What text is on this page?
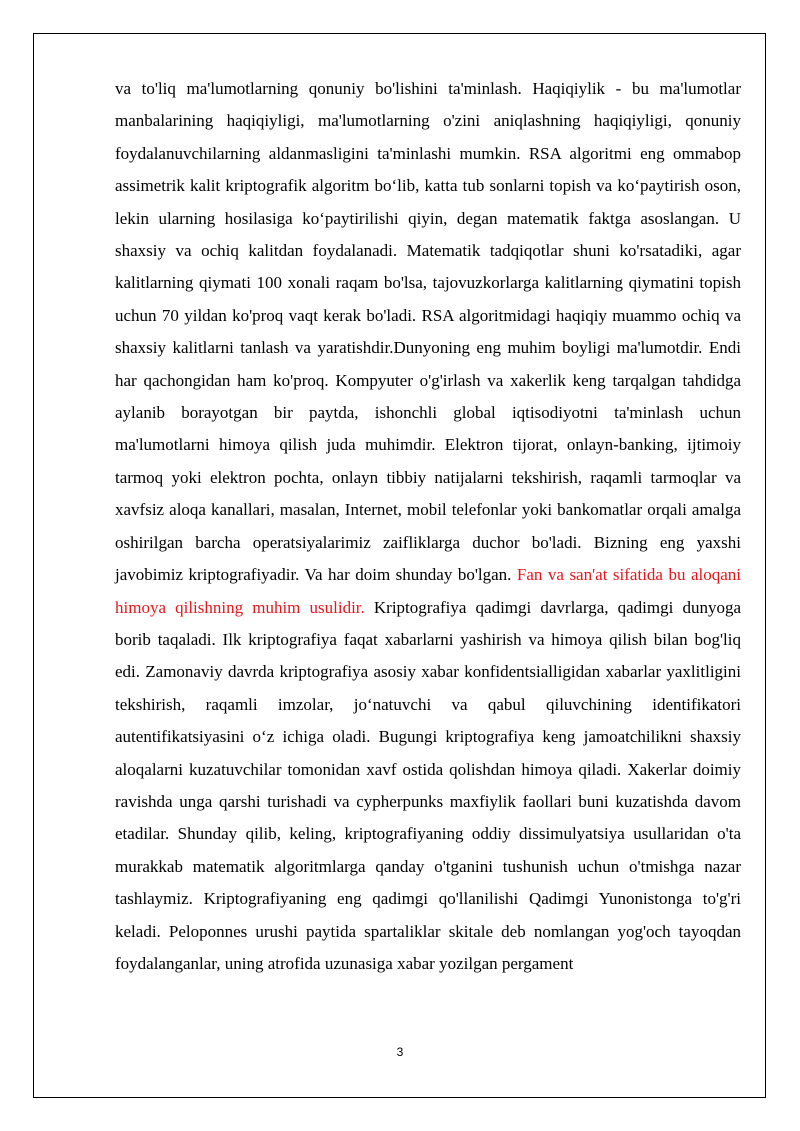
va to'liq ma'lumotlarning qonuniy bo'lishini ta'minlash. Haqiqiylik - bu ma'lumotlar manbalarining haqiqiyligi, ma'lumotlarning o'zini aniqlashning haqiqiyligi, qonuniy foydalanuvchilarning aldanmasligini ta'minlashi mumkin. RSA algoritmi eng ommabop assimetrik kalit kriptografik algoritm bo‘lib, katta tub sonlarni topish va ko‘paytirish oson, lekin ularning hosilasiga ko‘paytirilishi qiyin, degan matematik faktga asoslangan. U shaxsiy va ochiq kalitdan foydalanadi. Matematik tadqiqotlar shuni ko'rsatadiki, agar kalitlarning qiymati 100 xonali raqam bo'lsa, tajovuzkorlarga kalitlarning qiymatini topish uchun 70 yildan ko'proq vaqt kerak bo'ladi. RSA algoritmidagi haqiqiy muammo ochiq va shaxsiy kalitlarni tanlash va yaratishdir.Dunyoning eng muhim boyligi ma'lumotdir. Endi har qachongidan ham ko'proq. Kompyuter o'g'irlash va xakerlik keng tarqalgan tahdidga aylanib borayotgan bir paytda, ishonchli global iqtisodiyotni ta'minlash uchun ma'lumotlarni himoya qilish juda muhimdir. Elektron tijorat, onlayn-banking, ijtimoiy tarmoq yoki elektron pochta, onlayn tibbiy natijalarni tekshirish, raqamli tarmoqlar va xavfsiz aloqa kanallari, masalan, Internet, mobil telefonlar yoki bankomatlar orqali amalga oshirilgan barcha operatsiyalarimiz zaifliklarga duchor bo'ladi. Bizning eng yaxshi javobimiz kriptografiyadir. Va har doim shunday bo'lgan. Fan va san'at sifatida bu aloqani himoya qilishning muhim usulidir. Kriptografiya qadimgi davrlarga, qadimgi dunyoga borib taqaladi. Ilk kriptografiya faqat xabarlarni yashirish va himoya qilish bilan bog'liq edi. Zamonaviy davrda kriptografiya asosiy xabar konfidentsialligidan xabarlar yaxlitligini tekshirish, raqamli imzolar, jo‘natuvchi va qabul qiluvchining identifikatori autentifikatsiyasini o‘z ichiga oladi. Bugungi kriptografiya keng jamoatchilikni shaxsiy aloqalarni kuzatuvchilar tomonidan xavf ostida qolishdan himoya qiladi. Xakerlar doimiy ravishda unga qarshi turishadi va cypherpunks maxfiylik faollari buni kuzatishda davom etadilar. Shunday qilib, keling, kriptografiyaning oddiy dissimulyatsiya usullaridan o'ta murakkab matematik algoritmlarga qanday o'tganini tushunish uchun o'tmishga nazar tashlaymiz. Kriptografiyaning eng qadimgi qo'llanilishi Qadimgi Yunonistonga to'g'ri keladi. Peloponnes urushi paytida spartaliklar skitale deb nomlangan yog'och tayoqdan foydalanganlar, uning atrofida uzunasiga xabar yozilgan pergament

3
